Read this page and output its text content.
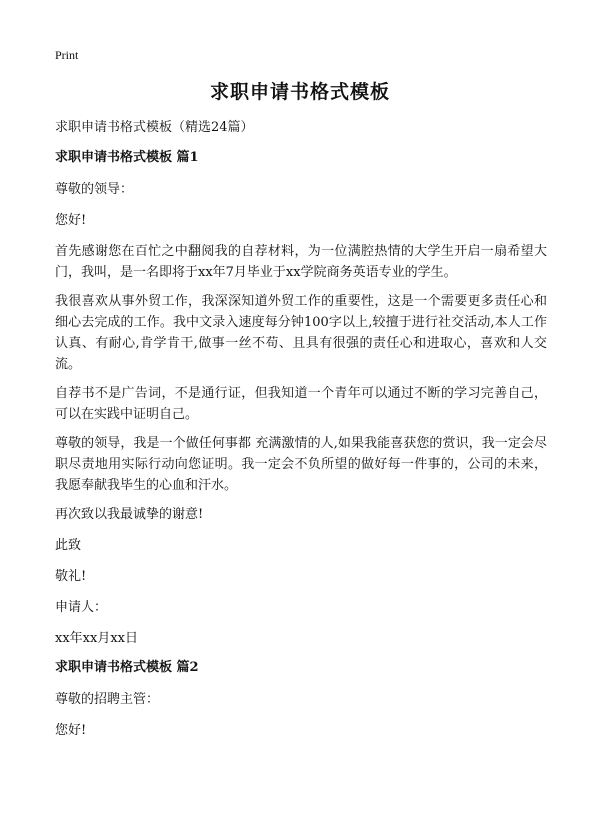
Print
求职申请书格式模板

求职申请书格式模板（精选24篇）

求职申请书格式模板 篇1

尊敬的领导：

您好!

首先感谢您在百忙之中翻阅我的自荐材料，为一位满腔热情的大学生开启一扇希望大门，我叫，是一名即将于xx年7月毕业于xx学院商务英语专业的学生。

我很喜欢从事外贸工作，我深深知道外贸工作的重要性，这是一个需要更多责任心和细心去完成的工作。我中文录入速度每分钟100字以上,较擅于进行社交活动,本人工作认真、有耐心,肯学肯干,做事一丝不苟、且具有很强的责任心和进取心，喜欢和人交流。

自荐书不是广告词，不是通行证，但我知道一个青年可以通过不断的学习完善自己，可以在实践中证明自己。

尊敬的领导，我是一个做任何事都 充满激情的人,如果我能喜获您的赏识，我一定会尽职尽责地用实际行动向您证明。我一定会不负所望的做好每一件事的，公司的未来，我愿奉献我毕生的心血和汗水。

再次致以我最诚挚的谢意!

此致

敬礼!

申请人：

xx年xx月xx日

求职申请书格式模板 篇2

尊敬的招聘主管：

您好!
